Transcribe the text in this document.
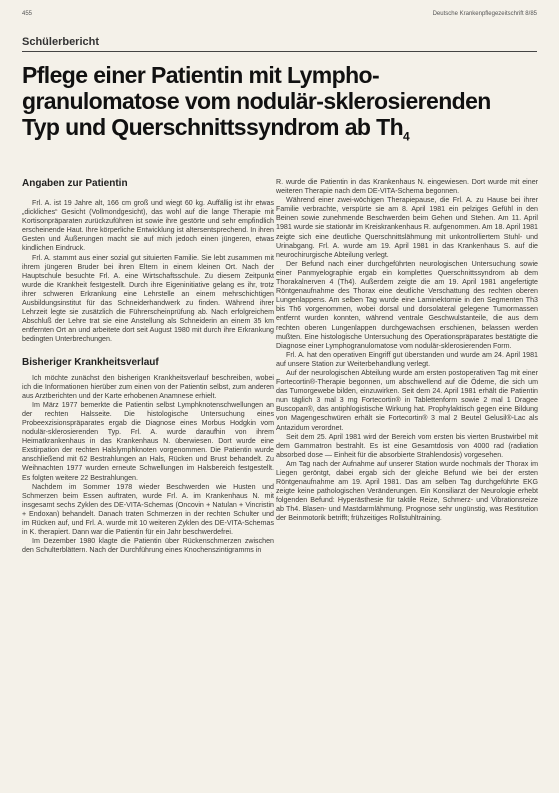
455	Deutsche Krankenpflegezeitschrift 8/85
Schülerbericht
Pflege einer Patientin mit Lympho-
granulomatose vom nodulär-sklerosierenden
Typ und Querschnittssyndrom ab $Th_4$
Angaben zur Patientin

Frl. A. ist 19 Jahre alt, 166 cm groß und wiegt 60 kg. Auffällig ist ihr etwas „dickliches“ Gesicht (Vollmondgesicht), das wohl auf die lange Therapie mit Kortisonpräparaten zurückzuführen ist sowie ihre gestörte und sehr empfindlich erscheinende Haut. Ihre körperliche Entwicklung ist altersentsprechend. In ihren Gesten und Äußerungen macht sie auf mich jedoch einen jüngeren, etwas kindlichen Eindruck.

Frl. A. stammt aus einer sozial gut situierten Familie. Sie lebt zusammen mit ihrem jüngeren Bruder bei ihren Eltern in einem kleinen Ort. Nach der Hauptschule besuchte Frl. A. eine Wirtschaftsschule. Zu diesem Zeitpunkt wurde die Krankheit festgestellt. Durch ihre Eigeninitiative gelang es ihr, trotz ihrer schweren Erkrankung eine Lehrstelle an einem mehrschichtigen Ausbildungsinstitut für das Schneiderhandwerk zu finden. Während ihrer Lehrzeit legte sie zusätzlich die Führerscheinprüfung ab. Nach erfolgreichem Abschluß der Lehre trat sie eine Anstellung als Schneiderin an einem 35 km entfernten Ort an und arbeitete dort seit August 1980 mit durch ihre Erkrankung bedingten Unterbrechungen.

Bisheriger Krankheitsverlauf

Ich möchte zunächst den bisherigen Krankheitsverlauf beschreiben, wobei ich die Informationen hierüber zum einen von der Patientin selbst, zum anderen aus Arztberichten und der Karte erhobenen Anamnese erhielt.

Im März 1977 bemerkte die Patientin selbst Lymphknotenschwellungen an der rechten Halsseite. Die histologische Untersuchung eines Probeexzisionspräparates ergab die Diagnose eines Morbus Hodgkin vom nodulär-sklerosierenden Typ. Frl. A. wurde daraufhin von ihrem Heimatkrankenhaus in das Krankenhaus N. überwiesen. Dort wurde eine Exstirpation der rechten Halslymphknoten vorgenommen. Die Patientin wurde anschließend mit 62 Bestrahlungen an Hals, Rücken und Brust behandelt. Zu Weihnachten 1977 wurden erneute Schwellungen im Halsbereich festgestellt. Es folgten weitere 22 Bestrahlungen.

Nachdem im Sommer 1978 wieder Beschwerden wie Husten und Schmerzen beim Essen auftraten, wurde Frl. A. im Krankenhaus N. mit insgesamt sechs Zyklen des DE-VITA-Schemas (Oncovin + Natulan + Vincristin + Endoxan) behandelt. Danach traten Schmerzen in der rechten Schulter und im Rücken auf, und Frl. A. wurde mit 10 weiteren Zyklen des DE-VITA-Schemas in K. therapiert. Dann war die Patientin für ein Jahr beschwerdefrei.

Im Dezember 1980 klagte die Patientin über Rückenschmerzen zwischen den Schulterblättern. Nach der Durchführung eines Knochenszintigramms in

R. wurde die Patientin in das Krankenhaus N. eingewiesen. Dort wurde mit einer weiteren Therapie nach dem DE-VITA-Schema begonnen.

Während einer zwei-wöchigen Therapiepause, die Frl. A. zu Hause bei ihrer Familie verbrachte, verspürte sie am 8. April 1981 ein pelziges Gefühl in den Beinen sowie zunehmende Beschwerden beim Gehen und Stehen. Am 11. April 1981 wurde sie stationär im Kreiskrankenhaus R. aufgenommen. Am 18. April 1981 zeigte sich eine deutliche Querschnittslähmung mit unkontrolliertem Stuhl- und Urinabgang. Frl. A. wurde am 19. April 1981 in das Krankenhaus S. auf die neurochirurgische Abteilung verlegt.

Der Befund nach einer durchgeführten neurologischen Untersuchung sowie einer Panmyelographie ergab ein komplettes Querschnittssyndrom ab dem Thorakalnerven 4 (Th4). Außerdem zeigte die am 19. April 1981 angefertigte Röntgenaufnahme des Thorax eine deutliche Verschattung des rechten oberen Lungenlappens. Am selben Tag wurde eine Laminektomie in den Segmenten Th3 bis Th6 vorgenommen, wobei dorsal und dorsolateral gelegene Tumormassen entfernt wurden konnten, während ventrale Geschwulstanteile, die aus dem rechten oberen Lungenlappen durchgewachsen erschienen, belassen werden mußten. Eine histologische Untersuchung des Operationspräparates bestätigte die Diagnose einer Lymphogranulomatose vom nodulär-sklerosierenden Form.

Frl. A. hat den operativen Eingriff gut überstanden und wurde am 24. April 1981 auf unsere Station zur Weiterbehandlung verlegt.

Auf der neurologischen Abteilung wurde am ersten postoperativen Tag mit einer Fortecortin®-Therapie begonnen, um abschwellend auf die Ödeme, die sich um das Tumorgewebe bilden, einzuwirken. Seit dem 24. April 1981 erhält die Patientin nun täglich 3 mal 3 mg Fortecortin® in Tablettenform sowie 2 mal 1 Dragee Buscopan®, das antiphlogistische Wirkung hat. Prophylaktisch gegen eine Bildung von Magengeschwüren erhält sie Fortecortin® 3 mal 2 Beutel Gelusil®-Lac als Antazidum verordnet.

Seit dem 25. April 1981 wird der Bereich vom ersten bis vierten Brustwirbel mit dem Gammatron bestrahlt. Es ist eine Gesamtdosis von 4000 rad (radiation absorbed dose — Einheit für die absorbierte Strahlendosis) vorgesehen.

Am Tag nach der Aufnahme auf unserer Station wurde nochmals der Thorax im Liegen geröntgt, dabei ergab sich der gleiche Befund wie bei der ersten Röntgenaufnahme am 19. April 1981. Das am selben Tag durchgeführte EKG zeigte keine pathologischen Veränderungen. Ein Konsiliarzt der Neurologie erhebt folgenden Befund: Hyperästhesie für taktile Reize, Schmerz- und Vibrationsreize ab Th4. Blasen- und Mastdarmlähmung. Prognose sehr ungünstig, was Restitution der Beinmotorik betrifft; frühzeitiges Rollstuhltraining.
